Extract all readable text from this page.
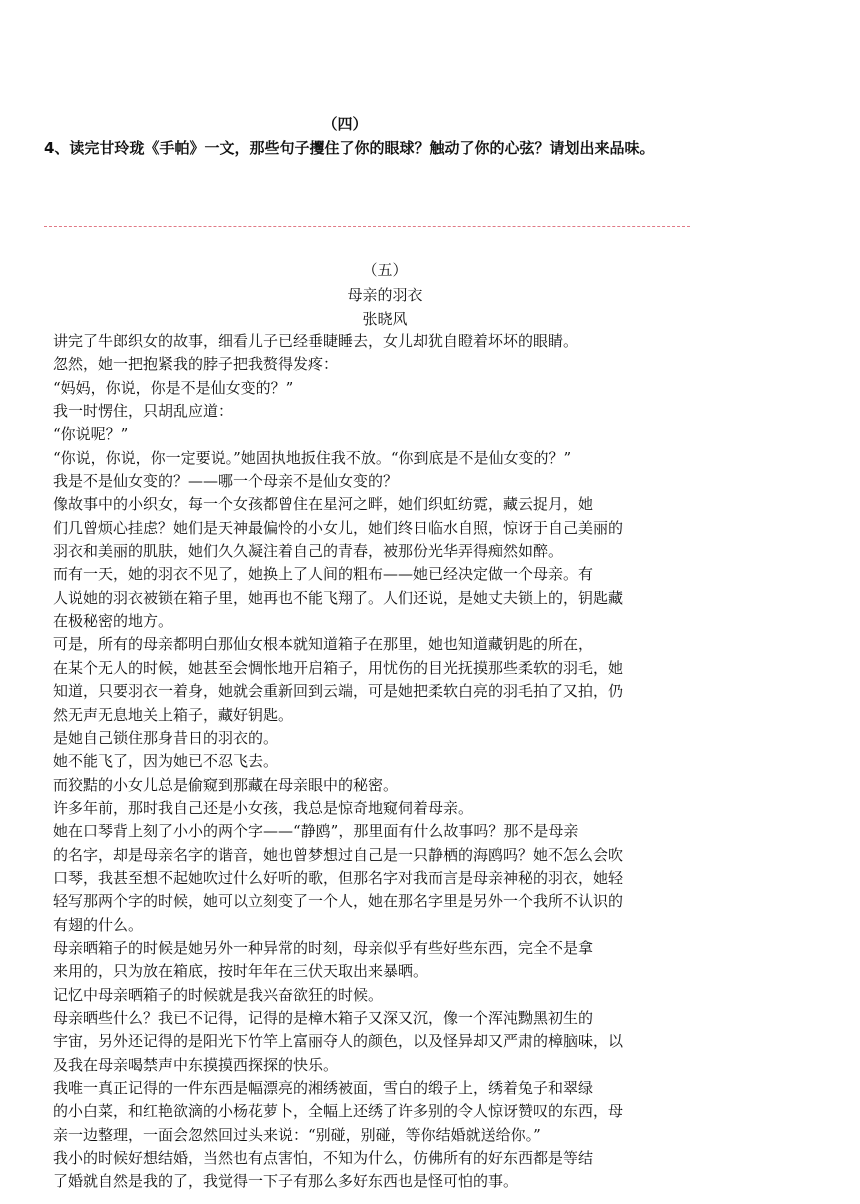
（四）
4、读完甘玲珑《手帕》一文，那些句子攫住了你的眼球？触动了你的心弦？请划出来品味。
（五）
母亲的羽衣
张晓风
讲完了牛郎织女的故事，细看儿子已经垂睫睡去，女儿却犹自瞪着坏坏的眼睛。
忽然，她一把抱紧我的脖子把我赘得发疼：
“妈妈，你说，你是不是仙女变的？”
我一时愣住，只胡乱应道：
“你说呢？”
“你说，你说，你一定要说。”她固执地扳住我不放。“你到底是不是仙女变的？”
我是不是仙女变的？——哪一个母亲不是仙女变的？
像故事中的小织女，每一个女孩都曾住在星河之畔，她们织虹纺霓，藏云捉月，她
们几曾烦心挂虑？她们是天神最偏怜的小女儿，她们终日临水自照，惊讶于自己美丽的
羽衣和美丽的肌肤，她们久久凝注着自己的青春，被那份光华弄得痴然如醉。
而有一天，她的羽衣不见了，她换上了人间的粗布——她已经决定做一个母亲。有
人说她的羽衣被锁在箱子里，她再也不能飞翔了。人们还说，是她丈夫锁上的，钥匙藏
在极秘密的地方。
可是，所有的母亲都明白那仙女根本就知道箱子在那里，她也知道藏钥匙的所在，
在某个无人的时候，她甚至会惆怅地开启箱子，用忧伤的目光抚摸那些柔软的羽毛，她
知道，只要羽衣一着身，她就会重新回到云端，可是她把柔软白亮的羽毛拍了又拍，仍
然无声无息地关上箱子，藏好钥匙。
是她自己锁住那身昔日的羽衣的。
她不能飞了，因为她已不忍飞去。
而狡黠的小女儿总是偷窥到那藏在母亲眼中的秘密。
许多年前，那时我自己还是小女孩，我总是惊奇地窥伺着母亲。
她在口琴背上刻了小小的两个字——“静鸥”，那里面有什么故事吗？那不是母亲
的名字，却是母亲名字的谐音，她也曾梦想过自己是一只静栖的海鸥吗？她不怎么会吹
口琴，我甚至想不起她吹过什么好听的歌，但那名字对我而言是母亲神秘的羽衣，她轻
轻写那两个字的时候，她可以立刻变了一个人，她在那名字里是另外一个我所不认识的
有翅的什么。
母亲晒箱子的时候是她另外一种异常的时刻，母亲似乎有些好些东西，完全不是拿
来用的，只为放在箱底，按时年年在三伏天取出来暴晒。
记忆中母亲晒箱子的时候就是我兴奋欲狂的时候。
母亲晒些什么？我已不记得，记得的是樟木箱子又深又沉，像一个浑沌黝黑初生的
宇宙，另外还记得的是阳光下竹竿上富丽夺人的颜色，以及怪异却又严肃的樟脑味，以
及我在母亲喝禁声中东摸摸西探探的快乐。
我唯一真正记得的一件东西是幅漂亮的湘绣被面，雪白的缎子上，绣着兔子和翠绿
的小白菜，和红艳欲滴的小杨花萝卜，全幅上还绣了许多别的令人惊讶赞叹的东西，母
亲一边整理，一面会忽然回过头来说：“别碰，别碰，等你结婚就送给你。”
我小的时候好想结婚，当然也有点害怕，不知为什么，仿佛所有的好东西都是等结
了婚就自然是我的了，我觉得一下子有那么多好东西也是怪可怕的事。
